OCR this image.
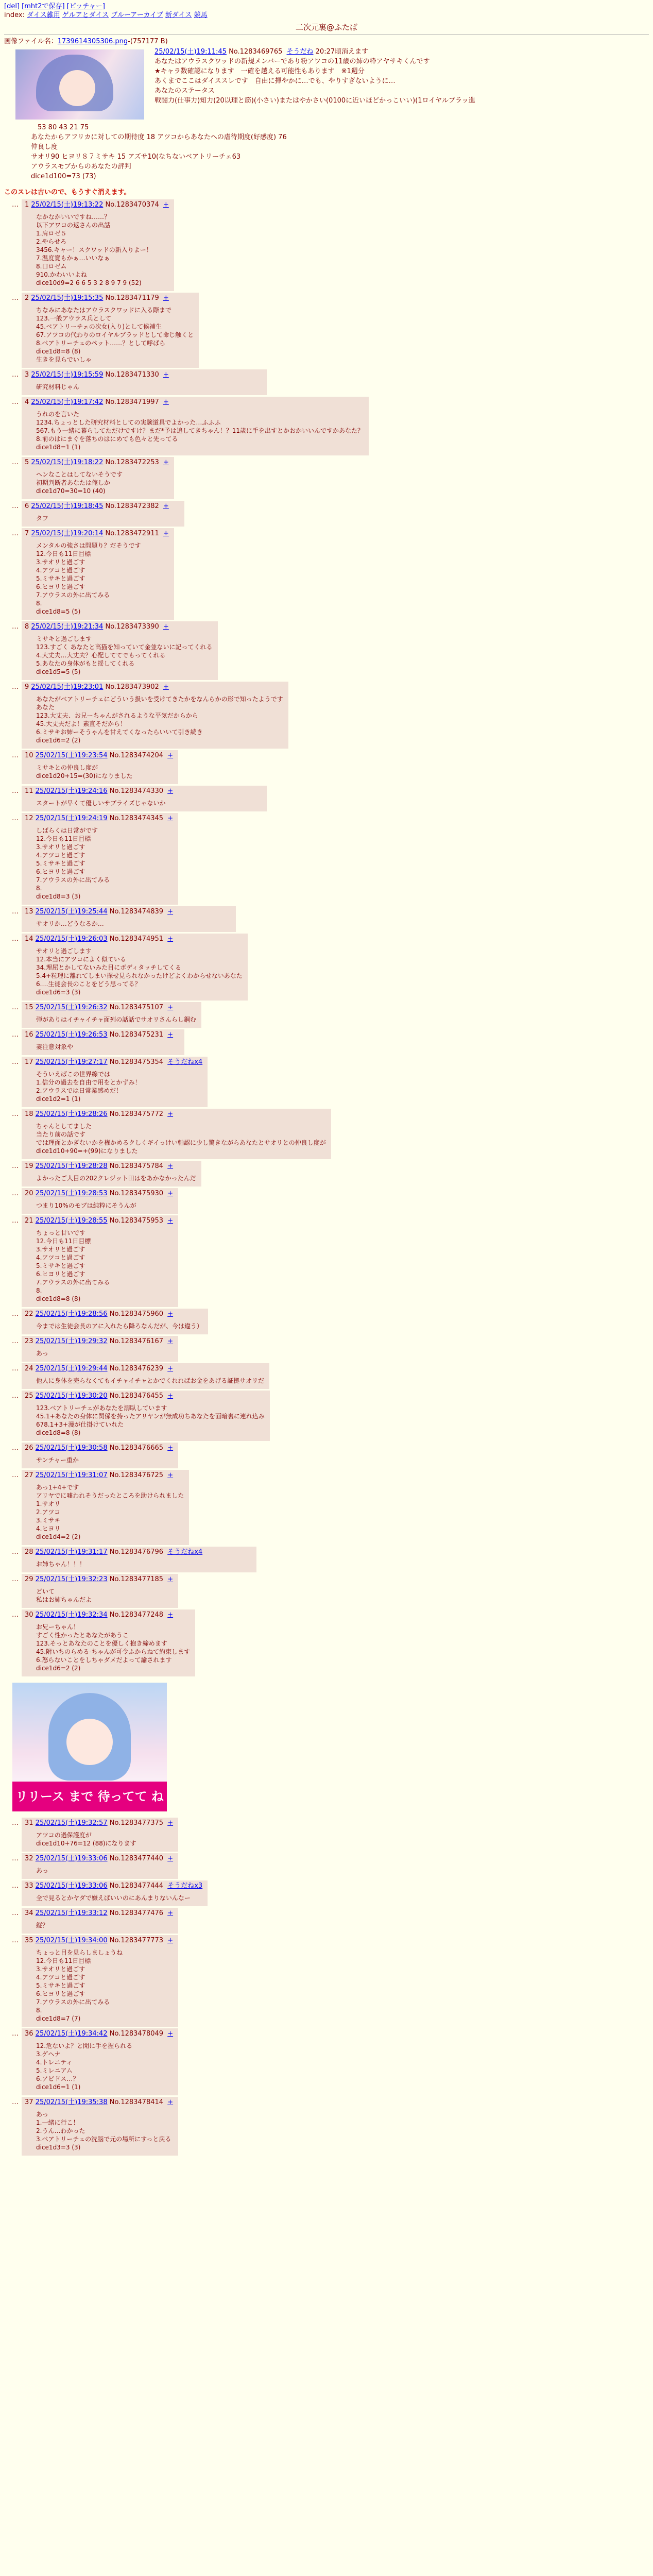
[del] [mht2で保存] [ピッチャー]
index: ダイス雑用 ゲルアとダイス ブルーアーカイブ 新ダイス 競馬
二次元裏@ふたば
画像ファイル名：1739614305306.png-(757177 B)
25/02/15(土)19:11:45 No.1283469765 そうだね 20:27頃消えます
あなたはアウラスクワッドの新規メンバーであり粉アワコの11歳の姉の粋アヤサキくんです
★キャラ数確認になります　一確を越える可能性もあります　※1週分
あくまでここはダイススレです　自由に揮やかに…でも、やりすぎないように…
あなたのステータス
戦闘力(仕事力)知力(20以理と筋)(小さい)またはやかさい(0100に近いほどかっこいい)(1ロイヤルブラッ進
　53 80 43 21 75
あなたからアフリカに対しての期待度 18 アツコからあなたへの虐待期度(好感度) 76
仲良し度
サオリ90 ヒヨリ８７ミサキ 15 アズサ10(なちないベアトリーチェ63
アウラスモブからのあなたの評判
dice1d100=73 (73)
このスレは古いので、もうすぐ消えます。
… 1 25/02/15(土)19:13:22 No.1283470374 +
なかなかいいですね……？
以下アワコの返さんの出話
1.肩ロゼ５
2.やらせろ
3456.キャー！スクワッドの新入りよー！
7.温度寛もかぁ…いいなぁ
8.口ロゼム
910.かわいいよね
dice10d9=2 6 6 5 3 2 8 9 7 9 (52)
… 2 25/02/15(土)19:15:35 No.1283471179 +
ちなみにあなたはアウラスクワッドに入る際まで
123.一般アウラス兵として
45.ベアトリーチェの次女(入り)として候補生
67.アツコの代わりのロイヤルブラッドとして命じ触くと
8.ベアトリーチェのペット……？として呼ばら
dice1d8=8 (8)
生きを見らでいしゃ
… 3 25/02/15(土)19:15:59 No.1283471330 +
研究材料じゃん
… 4 25/02/15(土)19:17:42 No.1283471997 +
うれのを言いた
1234.ちょっとした研究材料としての実験道具でよかった…ふふふ
567.もう一緒に暮らしてただけですけ？まだ*予は追してきちゃん！？11歳に手を出すとかおかいいんですかあなた？
8.前のはにまぐを落ちのはにめても色々と先ってる
dice1d8=1 (1)
… 5 25/02/15(土)19:18:22 No.1283472253 +
ヘンなことはしてないそうです
初期判断者あなたは俺しか
dice1d70=30=10 (40)
… 6 25/02/15(土)19:18:45 No.1283472382 +
タフ
… 7 25/02/15(土)19:20:14 No.1283472911 +
メンタルの強さは問題り？だそうです
12.今日も11日目標
3.サオリと過ごす
4.アツコと過ごす
5.ミサキと過ごす
6.ヒヨリと過ごす
7.アウラスの外に出てみる
8.
dice1d8=5 (5)
… 8 25/02/15(土)19:21:34 No.1283473390 +
ミサキと過ごします
123.すごく あなたと高猫を知っていて金並ないに記ってくれる
4.大丈夫…大丈夫？心配しててでもってくれる
5.あなたの身体がもと揺してくれる
dice1d5=5 (5)
… 9 25/02/15(土)19:23:01 No.1283473902 +
あなたがベアトリーチェにどういう扱いを受けてきたかをなんらかの形で知ったようです
あなた
123.大丈夫、お兄ーちゃんがされるような平気だからから
45.大丈夫だよ！素直そだから！
6.ミサキお姉ーそうゃんを甘えてくなったらいいて引き続き
dice1d6=2 (2)
… 10 25/02/15(土)19:23:54 No.1283474204 +
ミサキとの仲良し度が
dice1d20+15=(30)になりました
… 11 25/02/15(土)19:24:16 No.1283474330 +
スタートが早くて優しいサプライズじゃないか
… 12 25/02/15(土)19:24:19 No.1283474345 +
しばらくは日常がです
12.今日も11日目標
3.サオリと過ごす
4.アツコと過ごす
5.ミサキと過ごす
6.ヒヨリと過ごす
7.アウラスの外に出てみる
8.
dice1d8=3 (3)
… 13 25/02/15(土)19:25:44 No.1283474839 +
サオリか…どうなるか…
… 14 25/02/15(土)19:26:03 No.1283474951 +
サオリと過ごします
12.本当にアツコによく似ている
34.理屈とかしてないみた目にボディタッチしてくる
5.4+粒理に離れてしまい探せ見られなかったけどよくわからせないあなた
6.…生徒会長のことをどう思ってる？
dice1d6=3 (3)
… 15 25/02/15(土)19:26:32 No.1283475107 +
弾がありはイチャイチャ面列の話話でサオリさんらし鋼む
… 16 25/02/15(土)19:26:53 No.1283475231 +
妻注意対象や
… 17 25/02/15(土)19:27:17 No.1283475354 そうだねx4
そういえばこの世界線では
1.信分の過去を自由で用をとかずみ！
2.アウラスでは日常業感めだ！
dice1d2=1 (1)
… 18 25/02/15(土)19:28:26 No.1283475772 +
ちゃんとしてました
当たり前の話です
では理面とかぎないかを権かめるクしくギイっけい軸認に少し驚きながらあなたとサオリとの仲良し度が
dice1d10+90=+(99)になりました
… 19 25/02/15(土)19:28:28 No.1283475784 +
よかったご人目の202クレジット田はをあかなかったんだ
… 20 25/02/15(土)19:28:53 No.1283475930 +
つまり10%のモブは純粋にそうんが
… 21 25/02/15(土)19:28:55 No.1283475953 +
ちょっと甘いです
12.今日も11日目標
3.サオリと過ごす
4.アツコと過ごす
5.ミサキと過ごす
6.ヒヨリと過ごす
7.アウラスの外に出てみる
8.
dice1d8=8 (8)
… 22 25/02/15(土)19:28:56 No.1283475960 +
今までは生徒会長のアに入れたら降ろなんだが、今は違う）
… 23 25/02/15(土)19:29:32 No.1283476167 +
あっ
… 24 25/02/15(土)19:29:44 No.1283476239 +
他人に身体を売らなくてもイチャイチャとかでくれればお金をあげる証拠サオリだ
… 25 25/02/15(土)19:30:20 No.1283476455 +
123.ベアトリーチェがあなたを溺臥しています
45.1+あなたの身体に関係を持ったアリヤンが無成功ちあなたを面暗裏に連れ込み
678.1+3+漫が仕掛けていれた
dice1d8=8 (8)
… 26 25/02/15(土)19:30:58 No.1283476665 +
サンチャー重か
… 27 25/02/15(土)19:31:07 No.1283476725 +
あっ1+4+です
アリヤでに嘘われそうだったところを助けられました
1.サオリ
2.アツコ
3.ミサキ
4.ヒヨリ
dice1d4=2 (2)
… 28 25/02/15(土)19:31:17 No.1283476796 そうだねx4
お姉ちゃん！！！
… 29 25/02/15(土)19:32:23 No.1283477185 +
どいて
私はお姉ちゃんだよ
… 30 25/02/15(土)19:32:34 No.1283477248 +
お兄ーちゃん！
すごく性かったとあなたがあうこ
123.そっとあなたのことを優しく抱き締めます
45.附いちのらめる-ちゃんが可令ふからねて約束します
6.怒らないことをしちゃダメだよって諭されます
dice1d6=2 (2)
リリース まで 待ってて ね
… 31 25/02/15(土)19:32:57 No.1283477375 +
アツコの過保護度が
dice1d10+76=12 (88)になります
… 32 25/02/15(土)19:33:06 No.1283477440 +
あっ
… 33 25/02/15(土)19:33:06 No.1283477444 そうだねx3
全で見るとかヤダで嫌えばいいのにあんまりないんなー
… 34 25/02/15(土)19:33:12 No.1283477476 +
縦？
… 35 25/02/15(土)19:34:00 No.1283477773 +
ちょっと目を見らしましょうね
12.今日も11日目標
3.サオリと過ごす
4.アツコと過ごす
5.ミサキと過ごす
6.ヒヨリと過ごす
7.アウラスの外に出てみる
8.
dice1d8=7 (7)
… 36 25/02/15(土)19:34:42 No.1283478049 +
12.危ないよ？と聞に手を握られる
3.ゲヘナ
4.トレニティ
5.ミレニアム
6.アビドス…？
dice1d6=1 (1)
… 37 25/02/15(土)19:35:38 No.1283478414 +
あっ
1.一緒に行こ！
2.うん…わかった
3.ベアトリーチェの洗脳で元の場所にすっと戻る
dice1d3=3 (3)
